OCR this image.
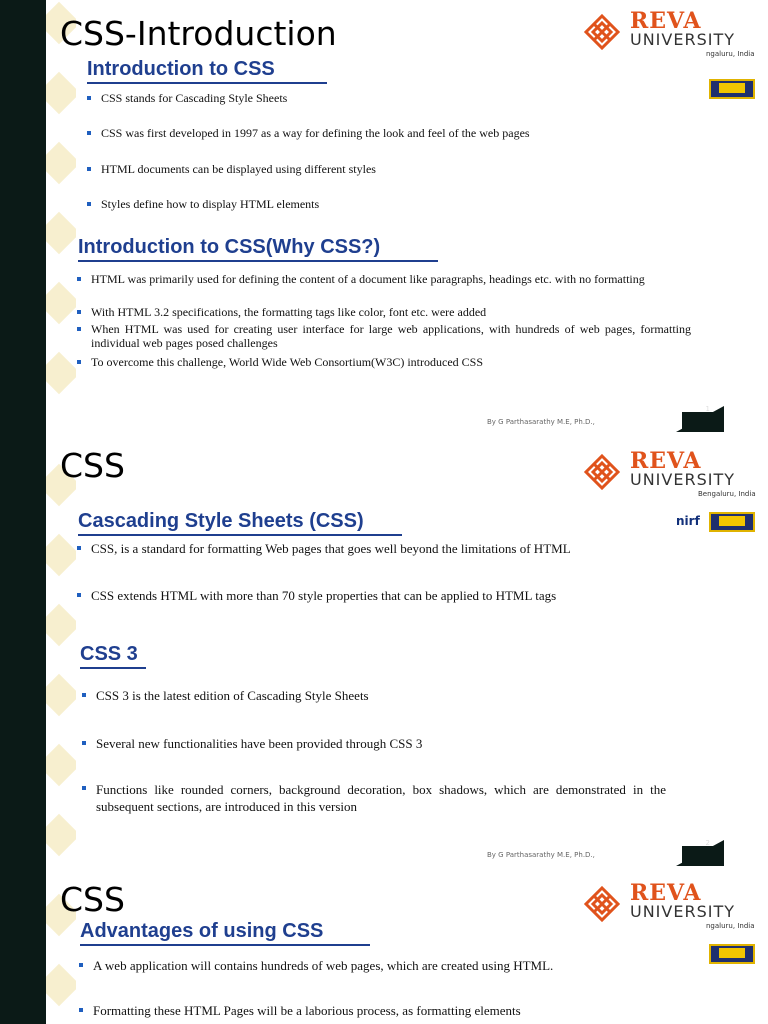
CSS-Introduction	REVA
UNIVERSITY
ngaluru, India
Introduction to CSS
CSS stands for Cascading Style Sheets
CSS was first developed in 1997 as a way for defining the look and feel of the web pages
HTML documents can be displayed using different styles
Styles define how to display HTML elements
Introduction to CSS(Why CSS?)
HTML was primarily used for defining the content of a document like paragraphs, headings etc. with no formatting
With HTML 3.2 specifications, the formatting tags like color, font etc. were added
When HTML was used for creating user interface for large web applications, with hundreds of web pages, formatting individual web pages posed challenges
To overcome this challenge, World Wide Web Consortium(W3C) introduced CSS
By G Parthasarathy M.E, Ph.D.,
1
CSS	REVA
UNIVERSITY
Bengaluru, India
nirf
Cascading Style Sheets (CSS)
CSS, is a standard for formatting Web pages that goes well beyond the limitations of HTML
CSS extends HTML with more than 70 style properties that can be applied to HTML tags
CSS 3
CSS 3 is the latest edition of Cascading Style Sheets
Several new functionalities have been provided through CSS 3
Functions like rounded corners, background decoration, box shadows, which are demonstrated in the subsequent sections, are introduced in this version
By G Parthasarathy M.E, Ph.D.,
2
CSS	REVA
UNIVERSITY
ngaluru, India
Advantages of using CSS
A web application will contains hundreds of web pages, which are created using HTML.
Formatting these HTML Pages will be a laborious process, as formatting elements
